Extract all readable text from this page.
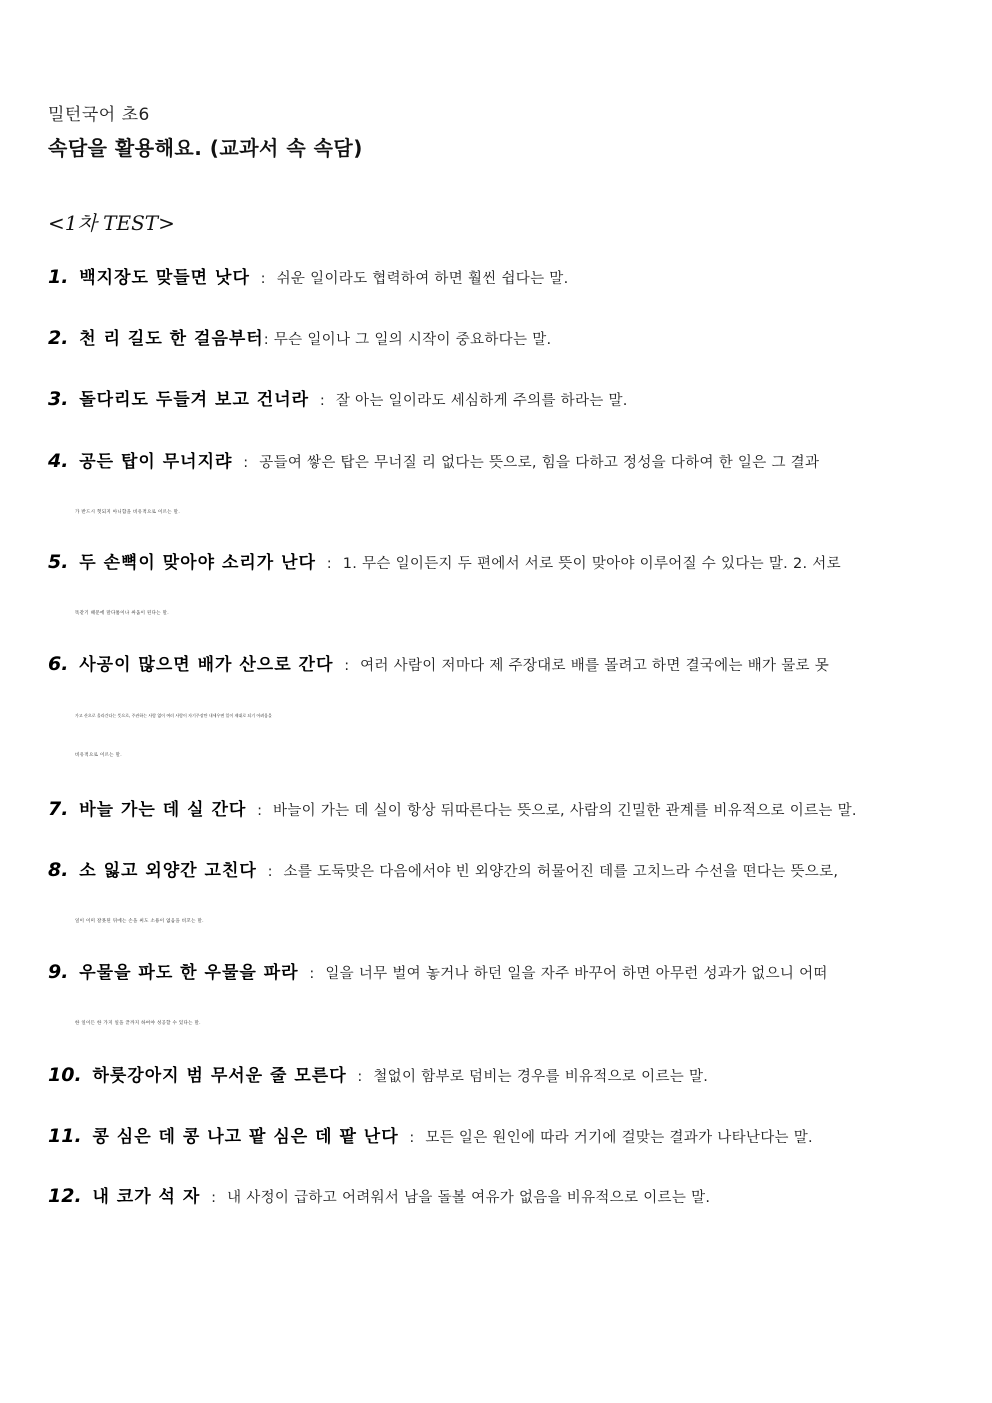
밀턴국어 초6
속담을 활용해요. (교과서 속 속담)
<1차 TEST>
1. 백지장도 맞들면 낫다 : 쉬운 일이라도 협력하여 하면 훨씬 쉽다는 말.
2. 천 리 길도 한 걸음부터: 무슨 일이나 그 일의 시작이 중요하다는 말.
3. 돌다리도 두들겨 보고 건너라 : 잘 아는 일이라도 세심하게 주의를 하라는 말.
4. 공든 탑이 무너지랴 : 공들여 쌓은 탑은 무너질 리 없다는 뜻으로, 힘을 다하고 정성을 다하여 한 일은 그 결과
가 반드시 헛되지 아니함을 비유적으로 이르는 말.
5. 두 손뼉이 맞아야 소리가 난다 : 1. 무슨 일이든지 두 편에서 서로 뜻이 맞아야 이루어질 수 있다는 말. 2. 서로
똑같기 때문에 말다툼이나 싸움이 된다는 말.
6. 사공이 많으면 배가 산으로 간다 : 여러 사람이 저마다 제 주장대로 배를 몰려고 하면 결국에는 배가 물로 못
가고 산으로 올라간다는 뜻으로, 주관하는 사람 없이 여러 사람이 자기주장만 내세우면 일이 제대로 되기 어려움을
비유적으로 이르는 말.
7. 바늘 가는 데 실 간다 : 바늘이 가는 데 실이 항상 뒤따른다는 뜻으로, 사람의 긴밀한 관계를 비유적으로 이르는 말.
8. 소 잃고 외양간 고친다 : 소를 도둑맞은 다음에서야 빈 외양간의 허물어진 데를 고치느라 수선을 떤다는 뜻으로,
일이 이미 잘못된 뒤에는 손을 써도 소용이 없음을 비꼬는 말.
9. 우물을 파도 한 우물을 파라 : 일을 너무 벌여 놓거나 하던 일을 자주 바꾸어 하면 아무런 성과가 없으니 어떠
한 일이든 한 가지 일을 끝까지 하여야 성공할 수 있다는 말.
10. 하룻강아지 범 무서운 줄 모른다 : 철없이 함부로 덤비는 경우를 비유적으로 이르는 말.
11. 콩 심은 데 콩 나고 팥 심은 데 팥 난다 : 모든 일은 원인에 따라 거기에 걸맞는 결과가 나타난다는 말.
12. 내 코가 석 자 : 내 사정이 급하고 어려워서 남을 돌볼 여유가 없음을 비유적으로 이르는 말.
